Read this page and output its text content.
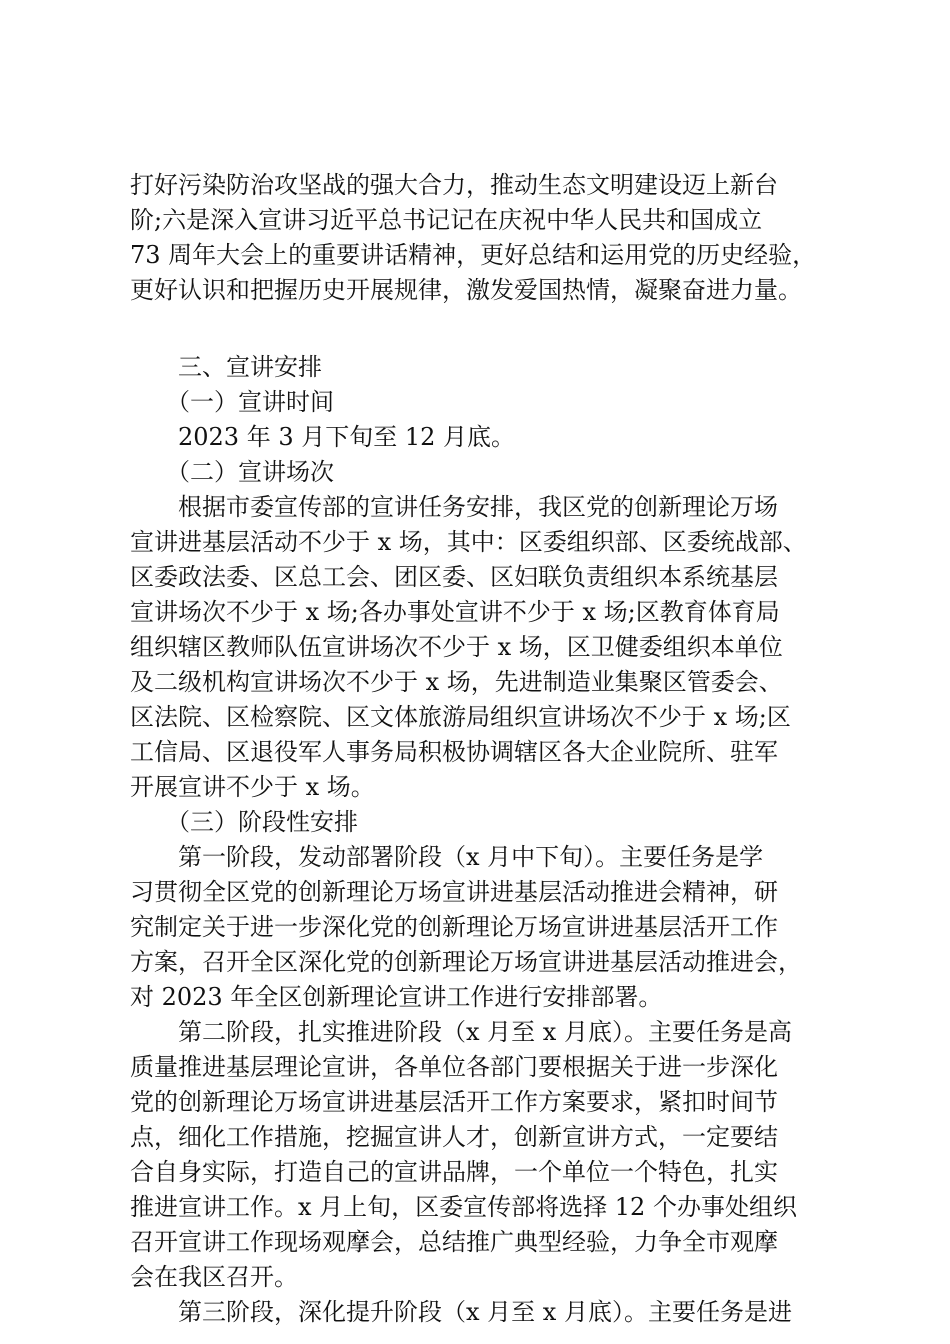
打好污染防治攻坚战的强大合力，推动生态文明建设迈上新台
阶;六是深入宣讲习近平总书记记在庆祝中华人民共和国成立
73 周年大会上的重要讲话精神，更好总结和运用党的历史经验，
更好认识和把握历史开展规律，激发爱国热情，凝聚奋进力量。
三、宣讲安排
（一）宣讲时间
2023 年 3 月下旬至 12 月底。
（二）宣讲场次
根据市委宣传部的宣讲任务安排，我区党的创新理论万场
宣讲进基层活动不少于 x 场，其中：区委组织部、区委统战部、
区委政法委、区总工会、团区委、区妇联负责组织本系统基层
宣讲场次不少于 x 场;各办事处宣讲不少于 x 场;区教育体育局
组织辖区教师队伍宣讲场次不少于 x 场，区卫健委组织本单位
及二级机构宣讲场次不少于 x 场，先进制造业集聚区管委会、
区法院、区检察院、区文体旅游局组织宣讲场次不少于 x 场;区
工信局、区退役军人事务局积极协调辖区各大企业院所、驻军
开展宣讲不少于 x 场。
（三）阶段性安排
第一阶段，发动部署阶段（x 月中下旬）。主要任务是学
习贯彻全区党的创新理论万场宣讲进基层活动推进会精神，研
究制定关于进一步深化党的创新理论万场宣讲进基层活开工作
方案，召开全区深化党的创新理论万场宣讲进基层活动推进会，
对 2023 年全区创新理论宣讲工作进行安排部署。
第二阶段，扎实推进阶段（x 月至 x 月底）。主要任务是高
质量推进基层理论宣讲，各单位各部门要根据关于进一步深化
党的创新理论万场宣讲进基层活开工作方案要求，紧扣时间节
点，细化工作措施，挖掘宣讲人才，创新宣讲方式，一定要结
合自身实际，打造自己的宣讲品牌，一个单位一个特色，扎实
推进宣讲工作。x 月上旬，区委宣传部将选择 12 个办事处组织
召开宣讲工作现场观摩会，总结推广典型经验，力争全市观摩
会在我区召开。
第三阶段，深化提升阶段（x 月至 x 月底）。主要任务是进
